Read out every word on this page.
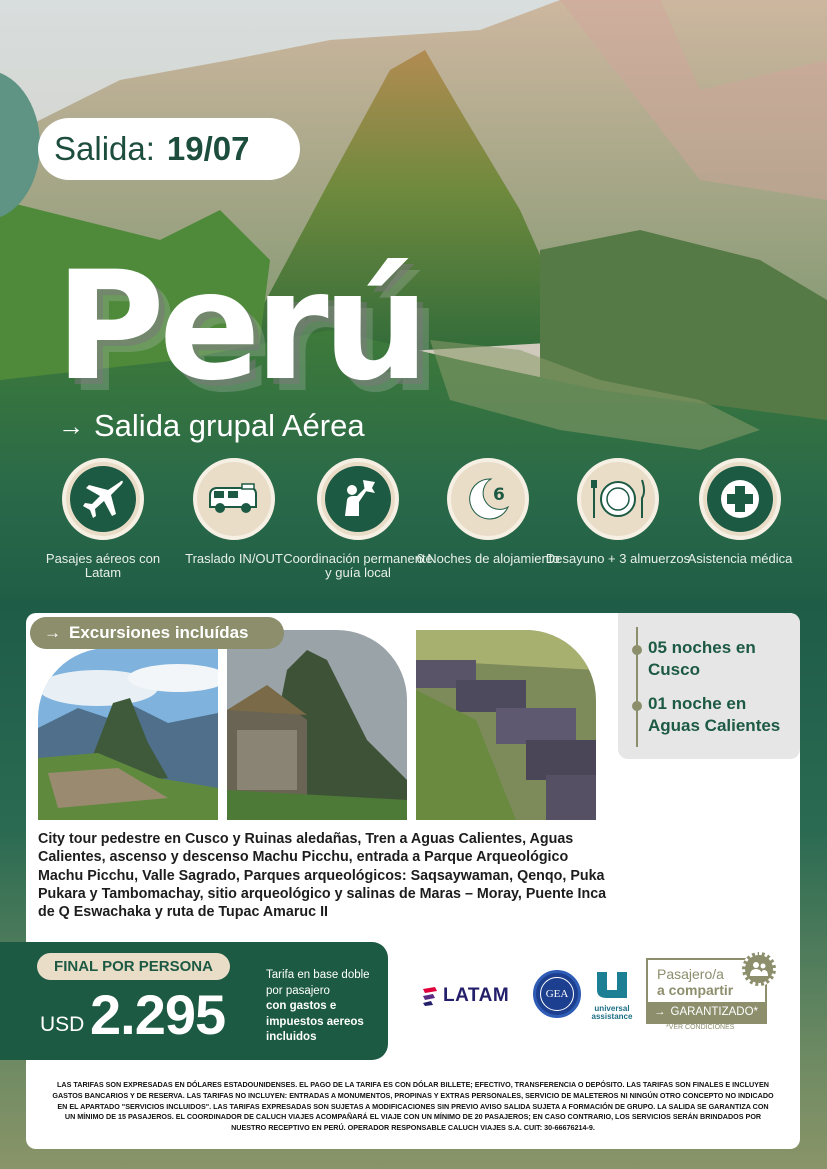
Salida: 19/07
Perú
→ Salida grupal Aérea
Pasajes aéreos con Latam
Traslado IN/OUT Coordinación permanente y guía local
6
6 Noches de alojamiento
Desayuno + 3 almuerzos
Asistencia médica
→ Excursiones incluídas
05 noches en
Cusco
01 noche en
Aguas Calientes
City tour pedestre en Cusco y Ruinas aledañas, Tren a Aguas Calientes, Aguas Calientes, ascenso y descenso Machu Picchu, entrada a Parque Arqueológico Machu Picchu, Valle Sagrado, Parques arqueológicos: Saqsaywaman, Qenqo, Puka Pukara y Tambomachay, sitio arqueológico y salinas de Maras – Moray, Puente Inca de Q Eswachaka y ruta de Tupac Amaruc II
FINAL POR PERSONA
USD 2.295
Tarifa en base doble por pasajero
con gastos e impuestos aereos incluidos
LATAM	GEA
universal
assistance
Pasajero/a
a compartir
→ GARANTIZADO*
*VER CONDICIONES
LAS TARIFAS SON EXPRESADAS EN DÓLARES ESTADOUNIDENSES. EL PAGO DE LA TARIFA ES CON DÓLAR BILLETE; EFECTIVO, TRANSFERENCIA O DEPÓSITO. LAS TARIFAS SON FINALES E INCLUYEN GASTOS BANCARIOS Y DE RESERVA. LAS TARIFAS NO INCLUYEN: ENTRADAS A MONUMENTOS, PROPINAS Y EXTRAS PERSONALES, SERVICIO DE MALETEROS NI NINGÚN OTRO CONCEPTO NO INDICADO EN EL APARTADO "SERVICIOS INCLUIDOS". LAS TARIFAS EXPRESADAS SON SUJETAS A MODIFICACIONES SIN PREVIO AVISO SALIDA SUJETA A FORMACIÓN DE GRUPO. LA SALIDA SE GARANTIZA CON UN MÍNIMO DE 15 PASAJEROS. EL COORDINADOR DE CALUCH VIAJES ACOMPAÑARÁ EL VIAJE CON UN MÍNIMO DE 20 PASAJEROS; EN CASO CONTRARIO, LOS SERVICIOS SERÁN BRINDADOS POR NUESTRO RECEPTIVO EN PERÚ. OPERADOR RESPONSABLE CALUCH VIAJES S.A. CUIT: 30-66676214-9.
